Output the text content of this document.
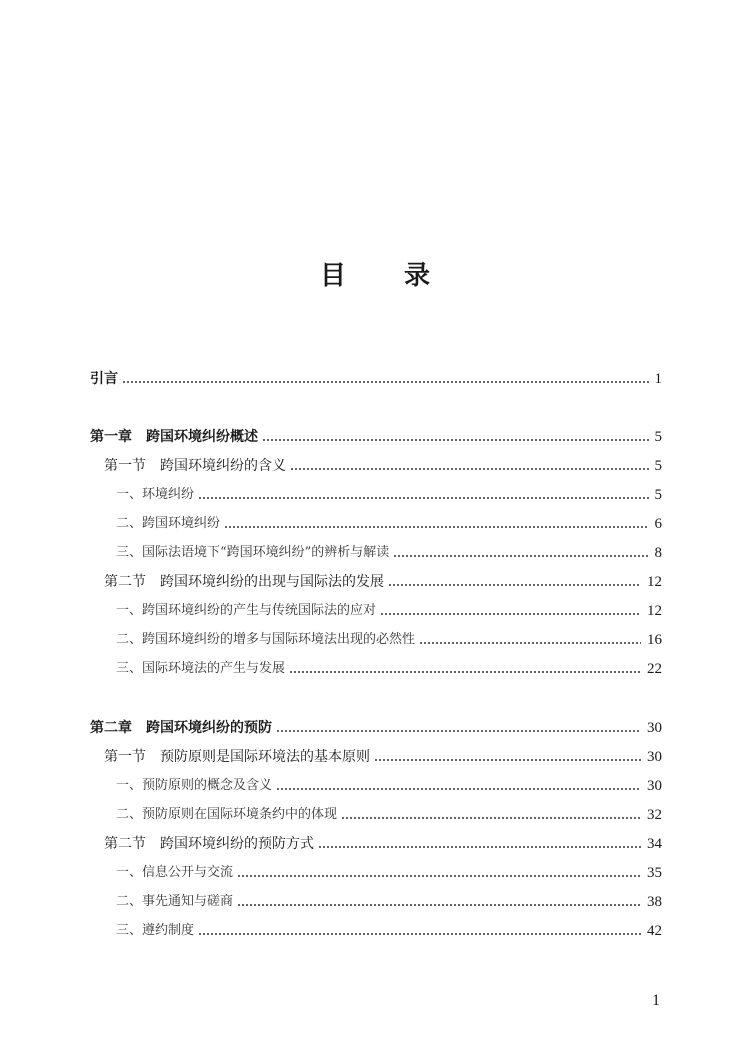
目 录
引言	1
第一章　跨国环境纠纷概述	5
第一节　跨国环境纠纷的含义	5
一、环境纠纷	5
二、跨国环境纠纷	6
三、国际法语境下“跨国环境纠纷”的辨析与解读	8
第二节　跨国环境纠纷的出现与国际法的发展	12
一、跨国环境纠纷的产生与传统国际法的应对	12
二、跨国环境纠纷的增多与国际环境法出现的必然性	16
三、国际环境法的产生与发展	22
第二章　跨国环境纠纷的预防	30
第一节　预防原则是国际环境法的基本原则	30
一、预防原则的概念及含义	30
二、预防原则在国际环境条约中的体现	32
第二节　跨国环境纠纷的预防方式	34
一、信息公开与交流	35
二、事先通知与磋商	38
三、遵约制度	42
1
